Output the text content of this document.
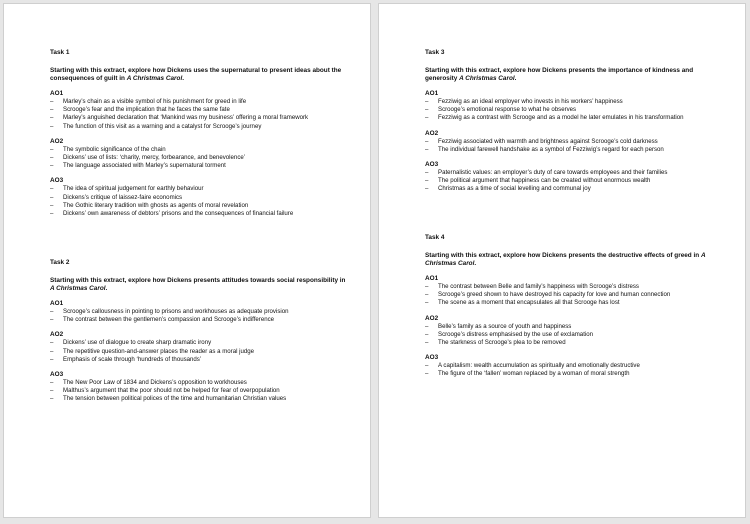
Task 1

Starting with this extract, explore how Dickens uses the supernatural to present ideas about the consequences of guilt in A Christmas Carol.

AO1

– Marley’s chain as a visible symbol of his punishment for greed in life
– Scrooge’s fear and the implication that he faces the same fate
– Marley’s anguished declaration that ‘Mankind was my business’ offering a moral framework
– The function of this visit as a warning and a catalyst for Scrooge’s journey

AO2

– The symbolic significance of the chain
– Dickens’ use of lists: ‘charity, mercy, forbearance, and benevolence’
– The language associated with Marley’s supernatural torment

AO3

– The idea of spiritual judgement for earthly behaviour
– Dickens’s critique of laissez-faire economics
– The Gothic literary tradition with ghosts as agents of moral revelation
– Dickens’ own awareness of debtors’ prisons and the consequences of financial failure

Task 2

Starting with this extract, explore how Dickens presents attitudes towards social responsibility in A Christmas Carol.

AO1

– Scrooge’s callousness in pointing to prisons and workhouses as adequate provision
– The contrast between the gentlemen’s compassion and Scrooge’s indifference

AO2

– Dickens’ use of dialogue to create sharp dramatic irony
– The repetitive question-and-answer places the reader as a moral judge
– Emphasis of scale through ‘hundreds of thousands’

AO3

– The New Poor Law of 1834 and Dickens’s opposition to workhouses
– Malthus’s argument that the poor should not be helped for fear of overpopulation
– The tension between political polices of the time and humanitarian Christian values

Task 3

Starting with this extract, explore how Dickens presents the importance of kindness and generosity A Christmas Carol.

AO1

– Fezziwig as an ideal employer who invests in his workers’ happiness
– Scrooge’s emotional response to what he observes
– Fezziwig as a contrast with Scrooge and as a model he later emulates in his transformation

AO2

– Fezziwig associated with warmth and brightness against Scrooge’s cold darkness
– The individual farewell handshake as a symbol of Fezziwig’s regard for each person

AO3

– Paternalistic values: an employer’s duty of care towards employees and their families
– The political argument that happiness can be created without enormous wealth
– Christmas as a time of social levelling and communal joy

Task 4

Starting with this extract, explore how Dickens presents the destructive effects of greed in A Christmas Carol.

AO1

– The contrast between Belle and family’s happiness with Scrooge’s distress
– Scrooge’s greed shown to have destroyed his capacity for love and human connection
– The scene as a moment that encapsulates all that Scrooge has lost

AO2

– Belle’s family as a source of youth and happiness
– Scrooge’s distress emphasised by the use of exclamation
– The starkness of Scrooge’s plea to be removed

AO3

– A capitalism: wealth accumulation as spiritually and emotionally destructive
– The figure of the ‘fallen’ woman replaced by a woman of moral strength
